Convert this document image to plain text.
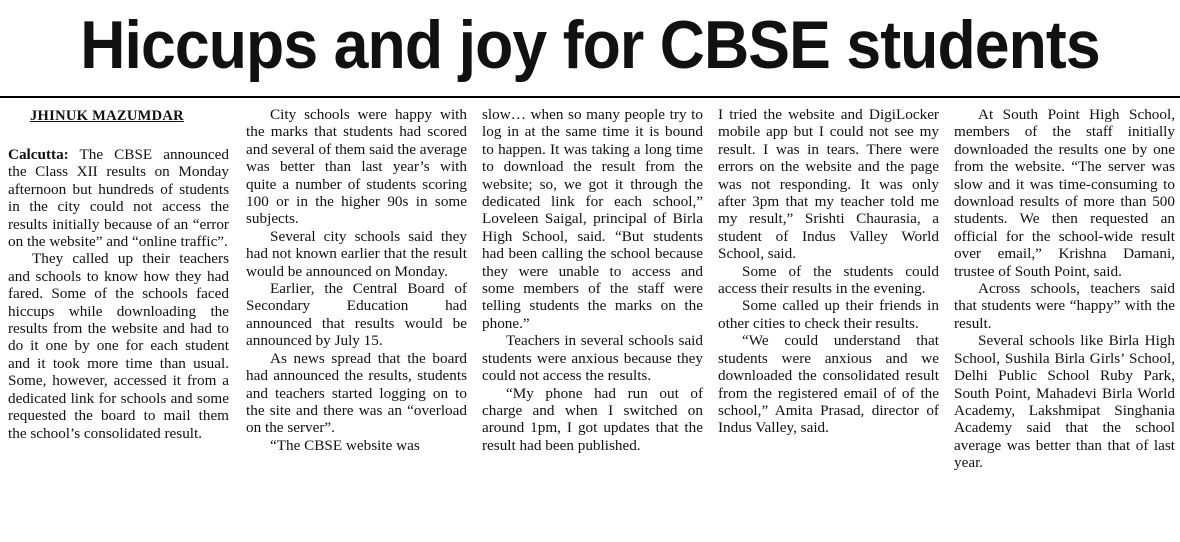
Hiccups and joy for CBSE students
JHINUK MAZUMDAR

Calcutta: The CBSE announced the Class XII results on Monday afternoon but hundreds of students in the city could not access the results initially because of an “error on the website” and “online traffic”.

They called up their teachers and schools to know how they had fared. Some of the schools faced hiccups while downloading the results from the website and had to do it one by one for each student and it took more time than usual. Some, however, accessed it from a dedicated link for schools and some requested the board to mail them the school’s consolidated result.

City schools were happy with the marks that students had scored and several of them said the average was better than last year’s with quite a number of students scoring 100 or in the higher 90s in some subjects.

Several city schools said they had not known earlier that the result would be announced on Monday.

Earlier, the Central Board of Secondary Education had announced that results would be announced by July 15.

As news spread that the board had announced the results, students and teachers started logging on to the site and there was an “overload on the server”.

“The CBSE website was

slow… when so many people try to log in at the same time it is bound to happen. It was taking a long time to download the result from the website; so, we got it through the dedicated link for each school,” Loveleen Saigal, principal of Birla High School, said. “But students had been calling the school because they were unable to access and some members of the staff were telling students the marks on the phone.”

Teachers in several schools said students were anxious because they could not access the results.

“My phone had run out of charge and when I switched on around 1pm, I got updates that the result had been published.

I tried the website and DigiLocker mobile app but I could not see my result. I was in tears. There were errors on the website and the page was not responding. It was only after 3pm that my teacher told me my result,” Srishti Chaurasia, a student of Indus Valley World School, said.

Some of the students could access their results in the evening.

Some called up their friends in other cities to check their results.

“We could understand that students were anxious and we downloaded the consolidated result from the registered email of of the school,” Amita Prasad, director of Indus Valley, said.

At South Point High School, members of the staff initially downloaded the results one by one from the website. “The server was slow and it was time-consuming to download results of more than 500 students. We then requested an official for the school-wide result over email,” Krishna Damani, trustee of South Point, said.

Across schools, teachers said that students were “happy” with the result.

Several schools like Birla High School, Sushila Birla Girls’ School, Delhi Public School Ruby Park, South Point, Mahadevi Birla World Academy, Lakshmipat Singhania Academy said that the school average was better than that of last year.
